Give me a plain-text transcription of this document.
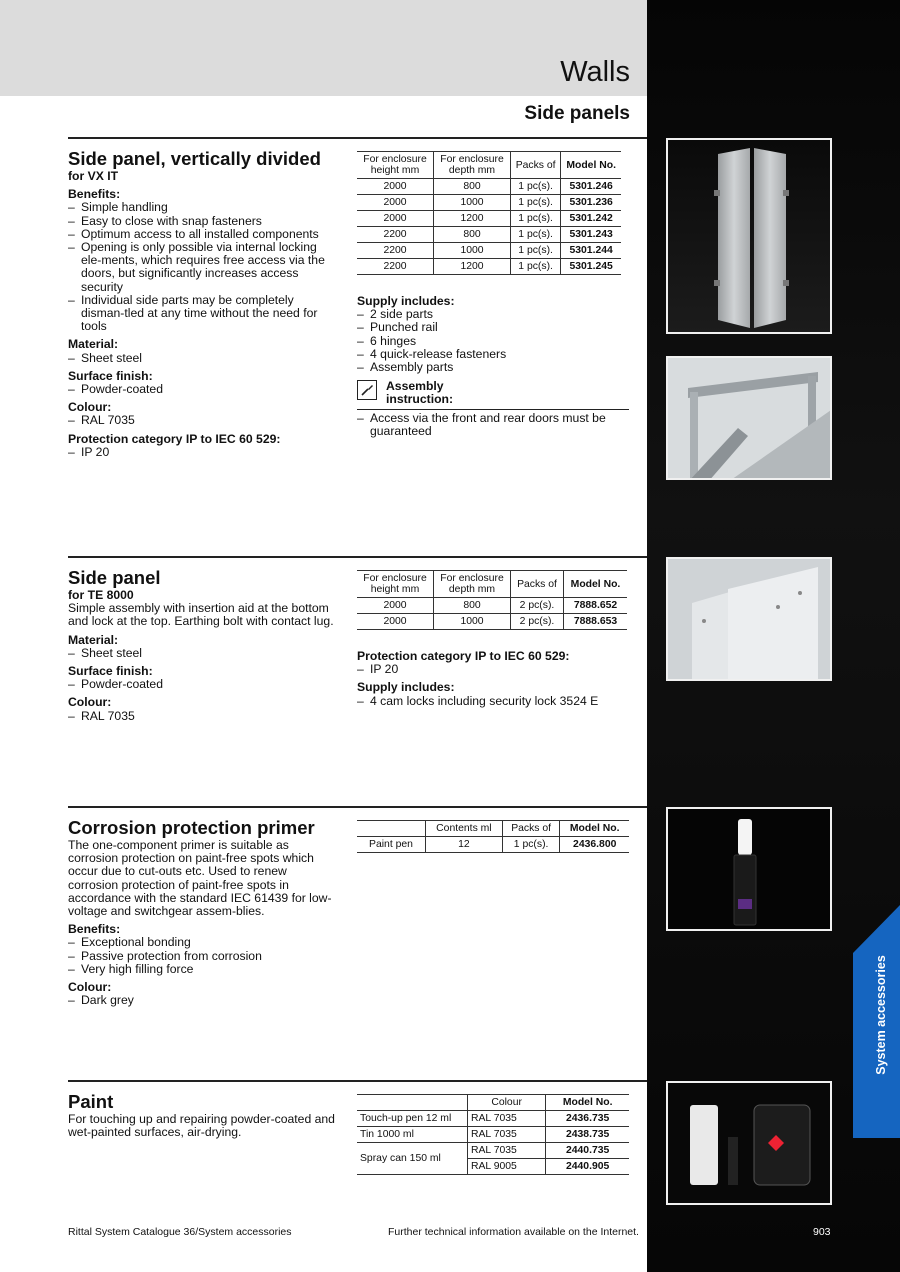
Walls
Side panels
Side panel, vertically divided
for VX IT
Benefits:
– Simple handling
– Easy to close with snap fasteners
– Optimum access to all installed components
– Opening is only possible via internal locking ele-ments, which requires free access via the doors, but significantly increases access security
– Individual side parts may be completely disman-tled at any time without the need for tools
Material:
– Sheet steel
Surface finish:
– Powder-coated
Colour:
– RAL 7035
Protection category IP to IEC 60 529:
– IP 20
For enclosure height mm	For enclosure depth mm	Packs of	Model No.
2000	800	1 pc(s).	5301.246
2000	1000	1 pc(s).	5301.236
2000	1200	1 pc(s).	5301.242
2200	800	1 pc(s).	5301.243
2200	1000	1 pc(s).	5301.244
2200	1200	1 pc(s).	5301.245
Supply includes:
– 2 side parts
– Punched rail
– 6 hinges
– 4 quick-release fasteners
– Assembly parts
Assembly instruction:
– Access via the front and rear doors must be guaranteed
Side panel
for TE 8000
Simple assembly with insertion aid at the bottom and lock at the top. Earthing bolt with contact lug.
Material:
– Sheet steel
Surface finish:
– Powder-coated
Colour:
– RAL 7035
For enclosure height mm	For enclosure depth mm	Packs of	Model No.
2000	800	2 pc(s).	7888.652
2000	1000	2 pc(s).	7888.653
Protection category IP to IEC 60 529:
– IP 20
Supply includes:
– 4 cam locks including security lock 3524 E
Corrosion protection primer
The one-component primer is suitable as corrosion protection on paint-free spots which occur due to cut-outs etc. Used to renew corrosion protection of paint-free spots in accordance with the standard IEC 61439 for low-voltage and switchgear assem-blies.
Benefits:
– Exceptional bonding
– Passive protection from corrosion
– Very high filling force
Colour:
– Dark grey
	Contents ml	Packs of	Model No.
Paint pen	12	1 pc(s).	2436.800
Paint
For touching up and repairing powder-coated and wet-painted surfaces, air-drying.
	Colour	Model No.
Touch-up pen 12 ml	RAL 7035	2436.735
Tin 1000 ml	RAL 7035	2438.735
Spray can 150 ml	RAL 7035	2440.735
	RAL 9005	2440.905
System accessories
Rittal System Catalogue 36/System accessories	Further technical information available on the Internet.	903
